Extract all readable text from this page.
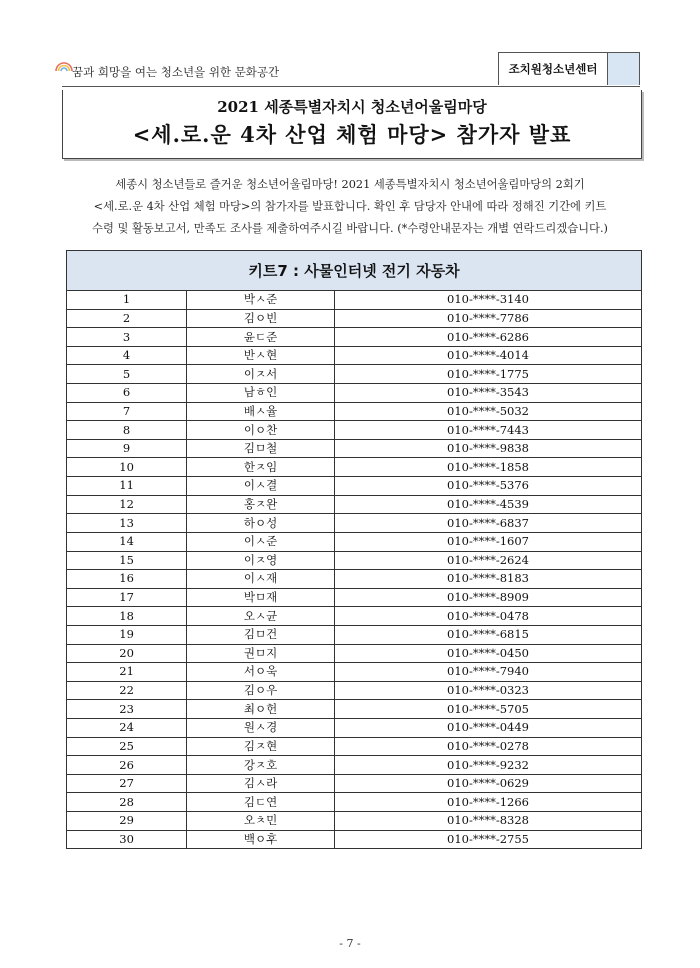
꿈과 희망을 여는 청소년을 위한 문화공간	조치원청소년센터
2021 세종특별자치시 청소년어울림마당
<세.로.운 4차 산업 체험 마당> 참가자 발표
세종시 청소년들로 즐거운 청소년어울림마당! 2021 세종특별자치시 청소년어울림마당의 2회기
<세.로.운 4차 산업 체험 마당>의 참가자를 발표합니다. 확인 후 담당자 안내에 따라 정해진 기간에 키트
수령 및 활동보고서, 만족도 조사를 제출하여주시길 바랍니다. (*수령안내문자는 개별 연락드리겠습니다.)
키트7 : 사물인터넷 전기 자동차		
1	박ㅅ준	010-****-3140
2	김ㅇ빈	010-****-7786
3	윤ㄷ준	010-****-6286
4	반ㅅ현	010-****-4014
5	이ㅈ서	010-****-1775
6	남ㅎ인	010-****-3543
7	배ㅅ율	010-****-5032
8	이ㅇ찬	010-****-7443
9	김ㅁ철	010-****-9838
10	한ㅈ임	010-****-1858
11	이ㅅ결	010-****-5376
12	홍ㅈ완	010-****-4539
13	하ㅇ성	010-****-6837
14	이ㅅ준	010-****-1607
15	이ㅈ영	010-****-2624
16	이ㅅ재	010-****-8183
17	박ㅁ재	010-****-8909
18	오ㅅ균	010-****-0478
19	김ㅁ건	010-****-6815
20	권ㅁ지	010-****-0450
21	서ㅇ욱	010-****-7940
22	김ㅇ우	010-****-0323
23	최ㅇ헌	010-****-5705
24	원ㅅ경	010-****-0449
25	김ㅈ현	010-****-0278
26	강ㅈ호	010-****-9232
27	김ㅅ라	010-****-0629
28	김ㄷ연	010-****-1266
29	오ㅊ민	010-****-8328
30	백ㅇ후	010-****-2755
- 7 -
